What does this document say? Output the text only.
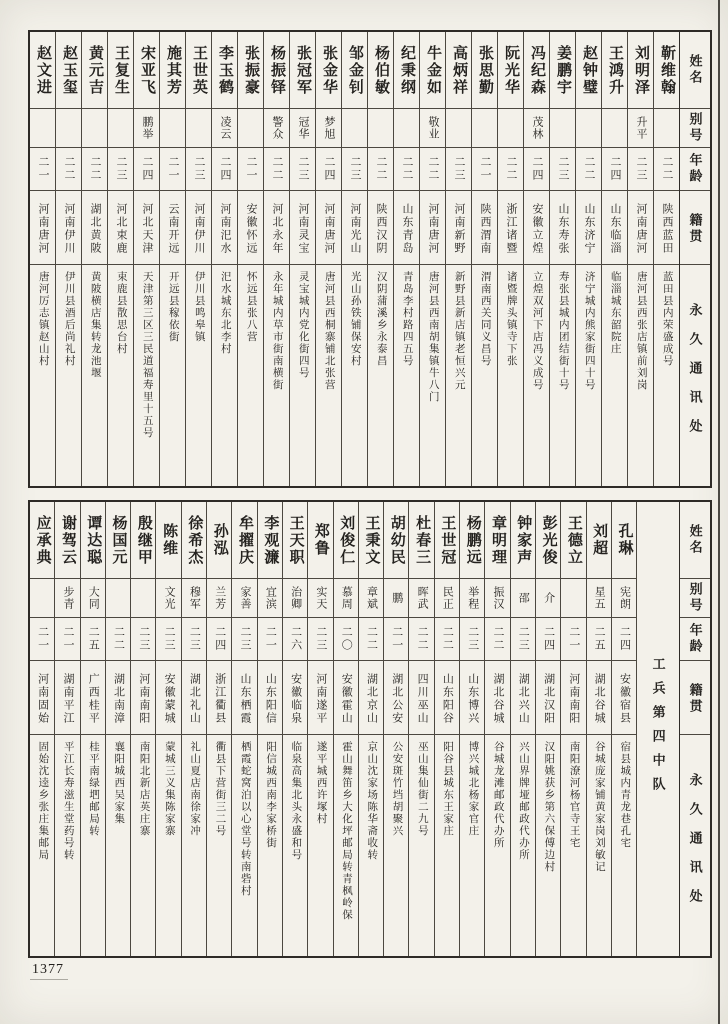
赵文进
二一
河南唐河
唐河厉志镇赵山村
赵玉玺
二二
河南伊川
伊川县酒后尚礼村
黄元吉
二二
湖北黄陂
黄陂横店集转龙池堰
王复生
二三
河北束鹿
束鹿县散思台村
宋亚飞
鹏举
二四
河北天津
天津第三区三民道福寿里十五号
施其芳
二一
云南开远
开远县稼依街
王世英
二三
河南伊川
伊川县鸣皋镇
李玉鹤
凌云
二四
河南汜水
汜水城东北李村
张振豪
二一
安徽怀远
怀远县张八营
杨振铎
警众
二二
河北永年
永年城内草市街南横街
张冠军
冠华
二三
河南灵宝
灵宝城内党化街四号
张金华
梦旭
二四
河南唐河
唐河县西桐寨铺北张营
邹金钊
二三
河南光山
光山孙铁铺保安村
杨伯敏
二二
陕西汉阴
汉阴蒲溪乡永泰昌
纪秉纲
二二
山东青岛
青岛李村路四五号
牛金如
敬业
二二
河南唐河
唐河县西南胡集镇牛八门
高炳祥
二三
河南新野
新野县新店镇老恒兴元
张思勤
二一
陕西渭南
渭南西关同义昌号
阮光华
二二
浙江诸暨
诸暨牌头镇寺下张
冯纪森
茂林
二四
安徽立煌
立煌双河下店冯义成号
姜鹏宇
二三
山东寿张
寿张县城内团结街十号
赵钟璧
二二
山东济宁
济宁城内熊家街四十号
王鸿升
二四
山东临淄
临淄城东韶院庄
刘明泽
升平
二三
河南唐河
唐河县西张店镇前刘岗
靳维翰
二二
陕西蓝田
蓝田县内荣盛成号
姓名
别号
年龄
籍贯
永久通讯处
应承典
二一
河南固始
固始沈逵乡张庄集邮局
谢驾云
步青
二一
湖南平江
平江长寿滋生堂药号转
谭达聪
大同
二五
广西桂平
桂平南绿垇邮局转
杨国元
二二
湖北南漳
襄阳城西吴家集
殷继甲
二三
河南南阳
南阳北新店英庄寨
陈维
文光
二三
安徽蒙城
蒙城三义集陈家寨
徐希杰
穆军
二三
湖北礼山
礼山夏店南徐家冲
孙泓
兰芳
二四
浙江衢县
衢县下营街三二号
牟擢庆
家善
二三
山东栖霞
栖霞蛇窝泊以心堂号转南砦村
李观濂
宜滨
二一
山东阳信
阳信城西南李家桥街
王天职
治卿
二六
安徽临泉
临泉高集北头永盛和号
郑鲁
实天
二三
河南遂平
遂平城西许塚村
刘俊仁
慕周
二〇
安徽霍山
霍山舞笛乡大化坪邮局转青枫岭保
王秉文
章斌
二二
湖北京山
京山沈家场陈华斋收转
胡幼民
鹏
二一
湖北公安
公安斑竹垱胡聚兴
杜春三
晖武
二二
四川巫山
巫山集仙街二九号
王世冠
民正
二二
山东阳谷
阳谷县城东王家庄
杨鹏远
举程
二三
山东博兴
博兴城北杨家官庄
章明理
振汉
二二
湖北谷城
谷城龙滩邮政代办所
钟家声
邵
二三
湖北兴山
兴山界牌垭邮政代办所
彭光俊
介
二四
湖北汉阳
汉阳姚获乡第六保傅边村
王德立
二一
河南南阳
南阳潦河杨官寺王宅
刘超
星五
二五
湖北谷城
谷城庞家铺黄家岗刘敏记
孔琳
宪朗
二四
安徽宿县
宿县城内青龙巷孔宅 工兵第四中队
姓名
别号
年龄
籍贯
永久通讯处
1377
